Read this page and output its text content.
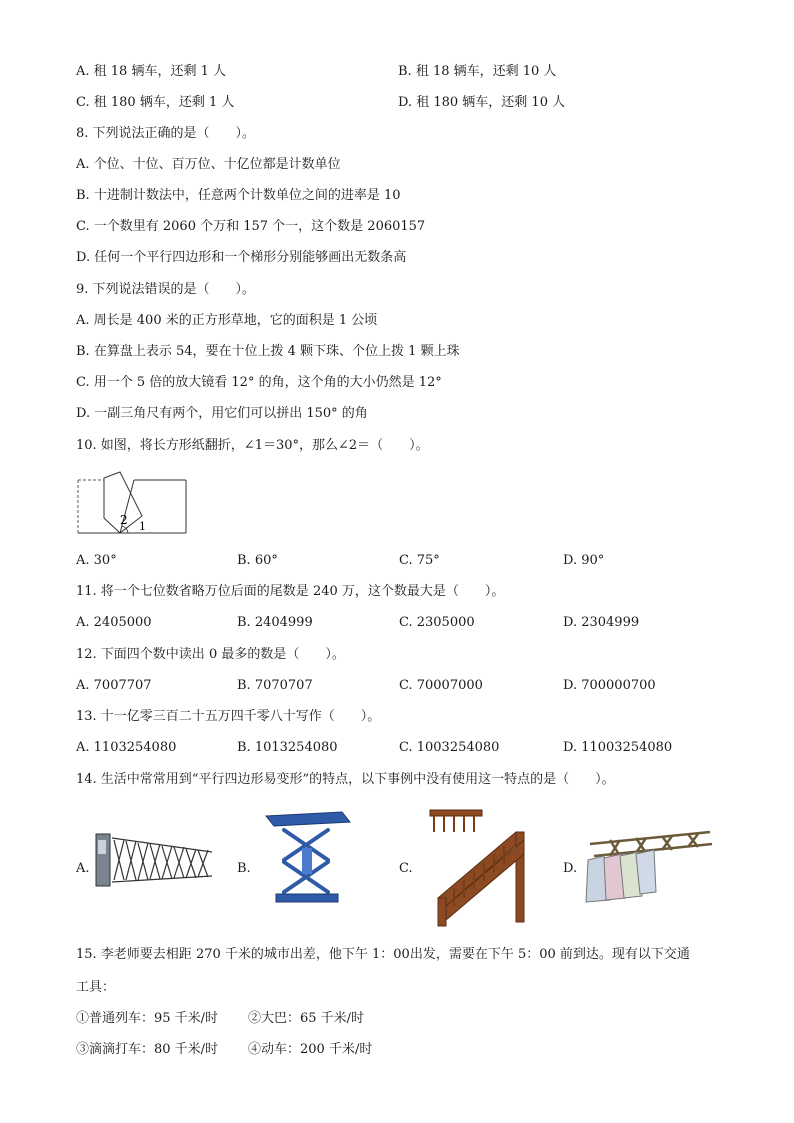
A. 租 18 辆车，还剩 1 人	B. 租 18 辆车，还剩 10 人
C. 租 180 辆车，还剩 1 人	D. 租 180 辆车，还剩 10 人
8. 下列说法正确的是（　　）。
A. 个位、十位、百万位、十亿位都是计数单位
B. 十进制计数法中，任意两个计数单位之间的进率是 10
C. 一个数里有 2060 个万和 157 个一，这个数是 2060157
D. 任何一个平行四边形和一个梯形分别能够画出无数条高
9. 下列说法错误的是（　　）。
A. 周长是 400 米的正方形草地，它的面积是 1 公顷
B. 在算盘上表示 54，要在十位上拨 4 颗下珠、个位上拨 1 颗上珠
C. 用一个 5 倍的放大镜看 12° 的角，这个角的大小仍然是 12°
D. 一副三角尺有两个，用它们可以拼出 150° 的角
10. 如图，将长方形纸翻折，∠1＝30°，那么∠2＝（　　）。
2 1
A. 30°	B. 60°	C. 75°	D. 90°
11. 将一个七位数省略万位后面的尾数是 240 万，这个数最大是（　　）。
A. 2405000	B. 2404999	C. 2305000	D. 2304999
12. 下面四个数中读出 0 最多的数是（　　）。
A. 7007707	B. 7070707	C. 70007000	D. 700000700
13. 十一亿零三百二十五万四千零八十写作（　　）。
A. 1103254080	B. 1013254080	C. 1003254080	D. 11003254080
14. 生活中常常用到“平行四边形易变形”的特点，以下事例中没有使用这一特点的是（　　）。
A.	B.	C.	D.
15. 李老师要去相距 270 千米的城市出差，他下午 1：00出发，需要在下午 5：00 前到达。现有以下交通
工具：
①普通列车：95 千米/时 ②大巴：65 千米/时
③滴滴打车：80 千米/时 ④动车：200 千米/时
